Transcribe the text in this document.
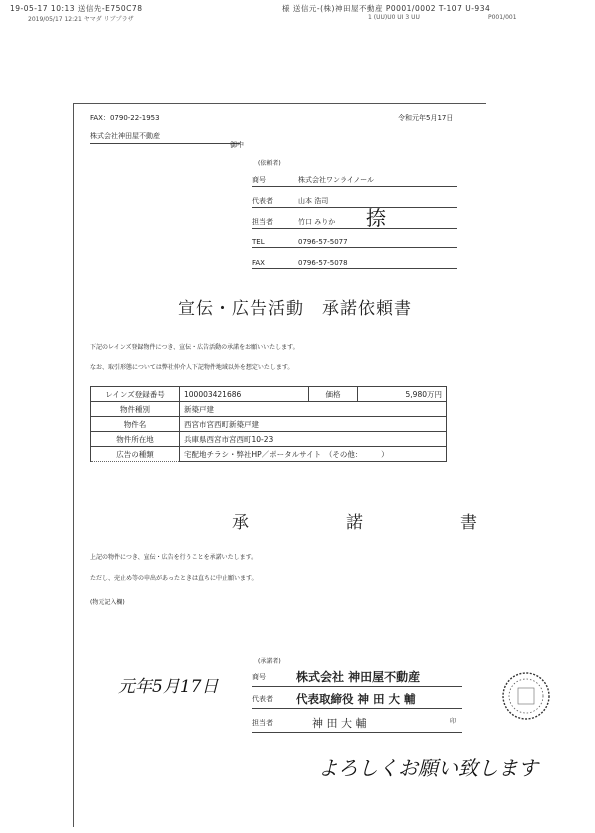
19-05-17 10:13 送信先-E750C78	様 送信元-(株)神田屋不動産 P0001/0002 T-107 U-934
2019/05/17 12:21 ヤマダ リブプラザ	1 (UU)U0 UI 3 UU	P001/001
FAX：0790-22-1953	令和元年5月17日
株式会社神田屋不動産
御中
(依頼者)
商号	株式会社ワンライノール
代表者	山本 浩司
担当者	竹口 みりか
TEL	0796-57-5077
FAX	0796-57-5078
捺
宣伝・広告活動　承諾依頼書
下記のレインズ登録物件につき、宣伝・広告活動の承諾をお願いいたします。
なお、取引形態については弊社仲介人下記物件地域以外を想定いたします。
レインズ登録番号	100003421686	価格	5,980万円
物件種別	新築戸建		
物件名	西宮市宮西町新築戸建		
物件所在地	兵庫県西宮市宮西町10-23		
広告の種類	宅配地チラシ・弊社HP／ポータルサイト　（その他：　　　）		
承　諾　書
上記の物件につき、宣伝・広告を行うことを承諾いたします。
ただし、売止め等の申出があったときは直ちに中止願います。
(物元記入欄)
元年5月17日
(承諾者)
商号	株式会社 神田屋不動産
代表者 代表取締役 神 田 大 輔
担当者	神 田 大 輔	印
よろしくお願い致します
